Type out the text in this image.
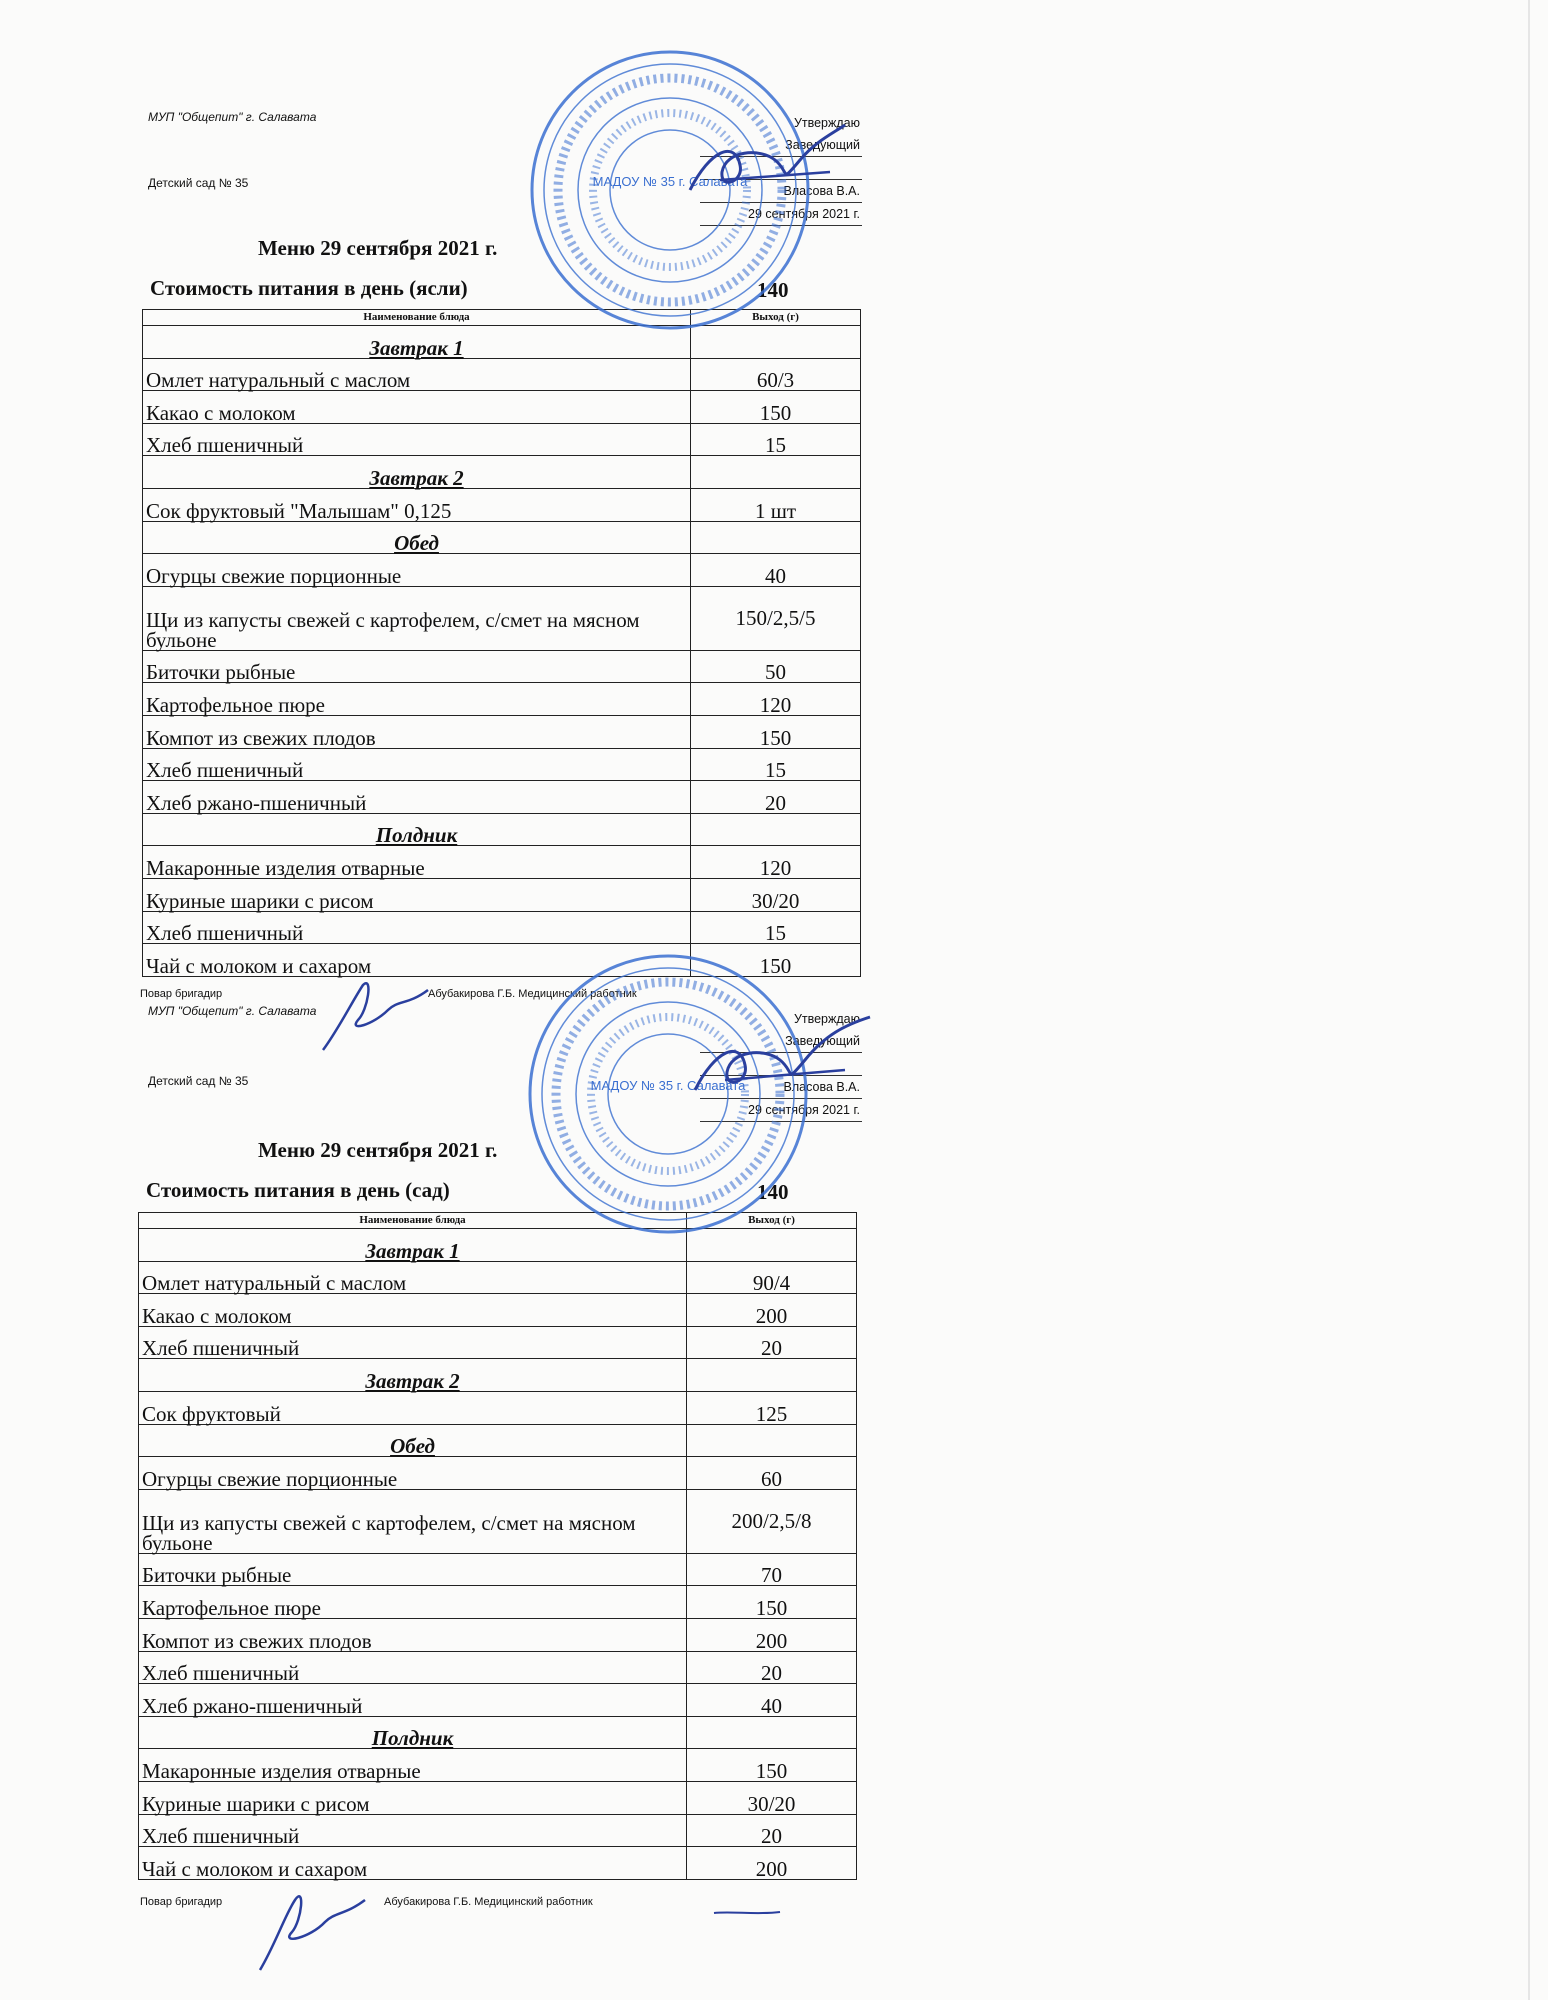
МУП "Общепит" г. Салавата
Детский сад № 35
Утверждаю
Заведующий

Власова В.А.
29 сентября 2021 г.
Меню 29 сентября 2021 г.
Стоимость питания в день (ясли)	140
Наименование блюда	Выход (г)
Завтрак 1	
Омлет натуральный с маслом	60/3
Какао с молоком	150
Хлеб пшеничный	15
Завтрак 2	
Сок фруктовый "Малышам" 0,125	1 шт
Обед	
Огурцы свежие порционные	40
Щи из капусты свежей с картофелем, с/смет на мясном бульоне	150/2,5/5
Биточки рыбные	50
Картофельное пюре	120
Компот из свежих плодов	150
Хлеб пшеничный	15
Хлеб ржано-пшеничный	20
Полдник	
Макаронные изделия отварные	120
Куриные шарики с рисом	30/20
Хлеб пшеничный	15
Чай с молоком и сахаром	150
Повар бригадир	Абубакирова Г.Б. Медицинский работник
МУП "Общепит" г. Салавата
Детский сад № 35
Утверждаю
Заведующий

Власова В.А.
29 сентября 2021 г.
Меню 29 сентября 2021 г.
Стоимость питания в день (сад)	140
Наименование блюда	Выход (г)
Завтрак 1	
Омлет натуральный с маслом	90/4
Какао с молоком	200
Хлеб пшеничный	20
Завтрак 2	
Сок фруктовый	125
Обед	
Огурцы свежие порционные	60
Щи из капусты свежей с картофелем, с/смет на мясном бульоне	200/2,5/8
Биточки рыбные	70
Картофельное пюре	150
Компот из свежих плодов	200
Хлеб пшеничный	20
Хлеб ржано-пшеничный	40
Полдник	
Макаронные изделия отварные	150
Куриные шарики с рисом	30/20
Хлеб пшеничный	20
Чай с молоком и сахаром	200
Повар бригадир	Абубакирова Г.Б. Медицинский работник
МАДОУ № 35 г. Салавата
МАДОУ № 35 г. Салавата
